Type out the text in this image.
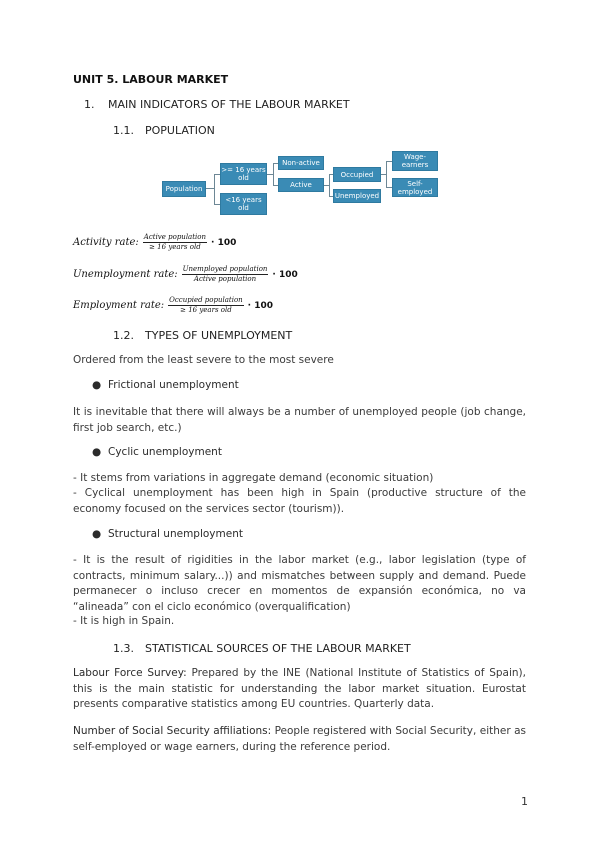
UNIT 5. LABOUR MARKET
1. MAIN INDICATORS OF THE LABOUR MARKET
1.1. POPULATION
Population
>= 16 years old
<16 years old
Non-active
Active
Occupied
Unemployed
Wage-earners
Self-employed
Activity rate: $\frac{\text{Active population}}{\text{≥ 16 years old}} \cdot 100$
Unemployment rate: $\frac{\text{Unemployed population}}{\text{Active population}} \cdot 100$
Employment rate: $\frac{\text{Occupied population}}{\text{≥ 16 years old}} \cdot 100$
1.2. TYPES OF UNEMPLOYMENT
Ordered from the least severe to the most severe
● Frictional unemployment
It is inevitable that there will always be a number of unemployed people (job change, first job search, etc.)
● Cyclic unemployment
- It stems from variations in aggregate demand (economic situation)
- Cyclical unemployment has been high in Spain (productive structure of the economy focused on the services sector (tourism)).
● Structural unemployment
- It is the result of rigidities in the labor market (e.g., labor legislation (type of contracts, minimum salary...)) and mismatches between supply and demand. Puede permanecer o incluso crecer en momentos de expansión económica, no va “alineada” con el ciclo económico (overqualification)
- It is high in Spain.
1.3. STATISTICAL SOURCES OF THE LABOUR MARKET
Labour Force Survey: Prepared by the INE (National Institute of Statistics of Spain), this is the main statistic for understanding the labor market situation. Eurostat presents comparative statistics among EU countries. Quarterly data.
Number of Social Security affiliations: People registered with Social Security, either as self-employed or wage earners, during the reference period.
1
